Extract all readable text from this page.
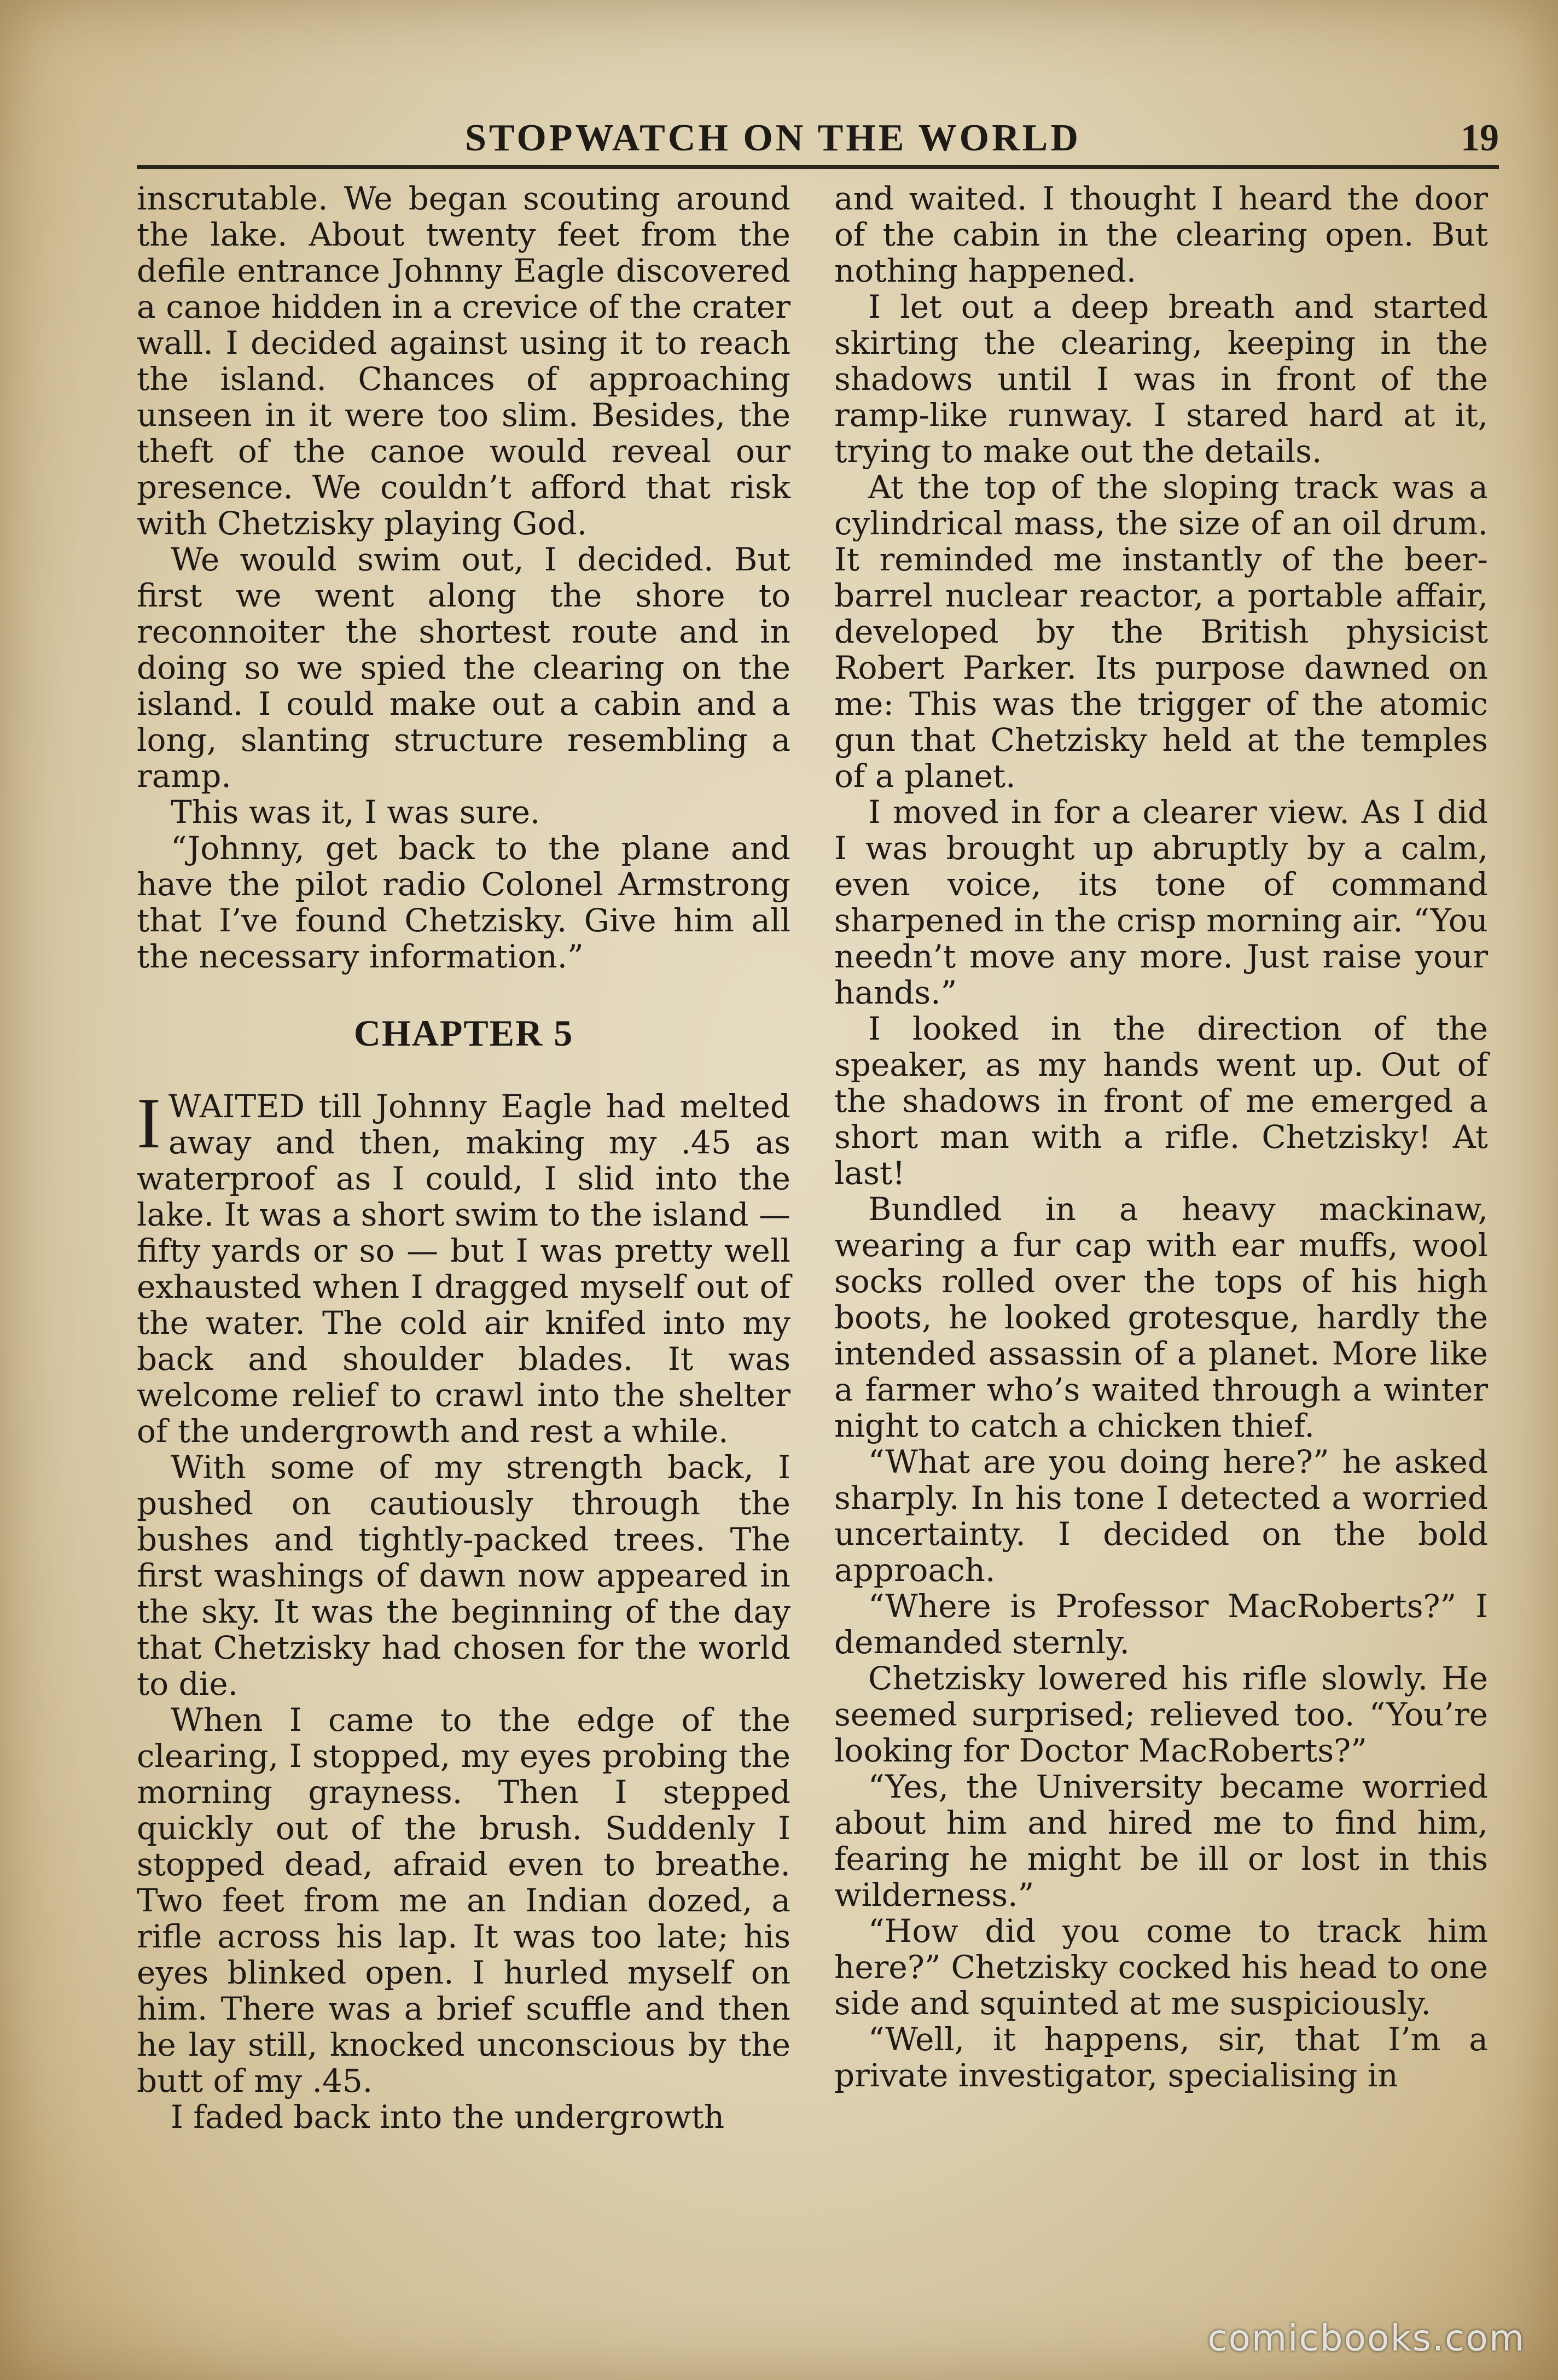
STOPWATCH ON THE WORLD	19

inscrutable. We began scouting around the lake. About twenty feet from the defile entrance Johnny Eagle discovered a canoe hidden in a crevice of the crater wall. I decided against using it to reach the island. Chances of approaching unseen in it were too slim. Besides, the theft of the canoe would reveal our presence. We couldn’t afford that risk with Chetzisky playing God.

We would swim out, I decided. But first we went along the shore to reconnoiter the shortest route and in doing so we spied the clearing on the island. I could make out a cabin and a long, slanting structure resembling a ramp.

This was it, I was sure.

“Johnny, get back to the plane and have the pilot radio Colonel Armstrong that I’ve found Chetzisky. Give him all the necessary information.”

CHAPTER 5

IWAITED till Johnny Eagle had melted away and then, making my .45 as waterproof as I could, I slid into the lake. It was a short swim to the island — fifty yards or so — but I was pretty well exhausted when I dragged myself out of the water. The cold air knifed into my back and shoulder blades. It was welcome relief to crawl into the shelter of the undergrowth and rest a while.

With some of my strength back, I pushed on cautiously through the bushes and tightly-packed trees. The first washings of dawn now appeared in the sky. It was the beginning of the day that Chetzisky had chosen for the world to die.

When I came to the edge of the clearing, I stopped, my eyes probing the morning grayness. Then I stepped quickly out of the brush. Suddenly I stopped dead, afraid even to breathe. Two feet from me an Indian dozed, a rifle across his lap. It was too late; his eyes blinked open. I hurled myself on him. There was a brief scuffle and then he lay still, knocked unconscious by the butt of my .45.

I faded back into the undergrowth

and waited. I thought I heard the door of the cabin in the clearing open. But nothing happened.

I let out a deep breath and started skirting the clearing, keeping in the shadows until I was in front of the ramp-like runway. I stared hard at it, trying to make out the details.

At the top of the sloping track was a cylindrical mass, the size of an oil drum. It reminded me instantly of the beer-barrel nuclear reactor, a portable affair, developed by the British physicist Robert Parker. Its purpose dawned on me: This was the trigger of the atomic gun that Chetzisky held at the temples of a planet.

I moved in for a clearer view. As I did I was brought up abruptly by a calm, even voice, its tone of command sharpened in the crisp morning air. “You needn’t move any more. Just raise your hands.”

I looked in the direction of the speaker, as my hands went up. Out of the shadows in front of me emerged a short man with a rifle. Chetzisky! At last!

Bundled in a heavy mackinaw, wearing a fur cap with ear muffs, wool socks rolled over the tops of his high boots, he looked grotesque, hardly the intended assassin of a planet. More like a farmer who’s waited through a winter night to catch a chicken thief.

“What are you doing here?” he asked sharply. In his tone I detected a worried uncertainty. I decided on the bold approach.

“Where is Professor MacRoberts?” I demanded sternly.

Chetzisky lowered his rifle slowly. He seemed surprised; relieved too. “You’re looking for Doctor MacRoberts?”

“Yes, the University became worried about him and hired me to find him, fearing he might be ill or lost in this wilderness.”

“How did you come to track him here?” Chetzisky cocked his head to one side and squinted at me suspiciously.

“Well, it happens, sir, that I’m a private investigator, specialising in

comicbooks.com
